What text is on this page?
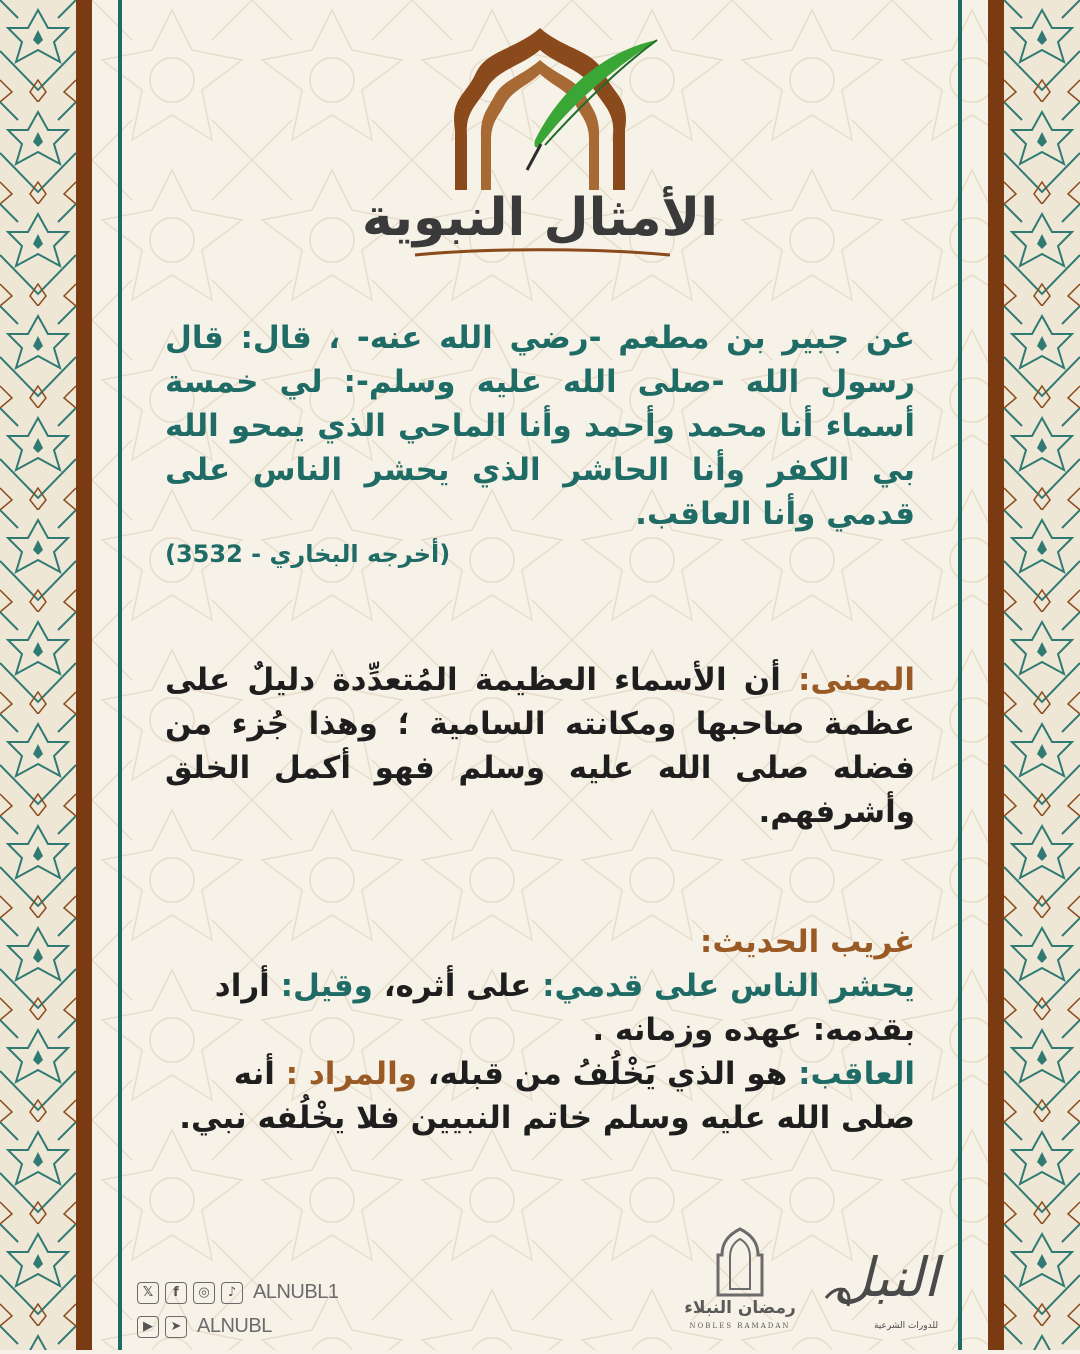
الأمثال النبوية
عن جبير بن مطعم -رضي الله عنه- ، قال: قال رسول الله -صلى الله عليه وسلم-: لي خمسة أسماء أنا محمد وأحمد وأنا الماحي الذي يمحو الله بي الكفر وأنا الحاشر الذي يحشر الناس على قدمي وأنا العاقب.
(أخرجه البخاري - 3532)
المعنى: أن الأسماء العظيمة المُتعدِّدة دليلٌ على عظمة صاحبها ومكانته السامية ؛ وهذا جُزء من فضله صلى الله عليه وسلم فهو أكمل الخلق وأشرفهم.

غريب الحديث:

يحشر الناس على قدمي: على أثره، وقيل: أراد بقدمه: عهده وزمانه .

العاقب: هو الذي يَخْلُفُ من قبله، والمراد : أنه صلى الله عليه وسلم خاتم النبيين فلا يخْلُفه نبي.

𝕏	f	◎	♪ ALNUBL1
▶	➤ ALNUBL
رمضان النبلاء
NOBLES RAMADAN
النبل
للدورات الشرعية
